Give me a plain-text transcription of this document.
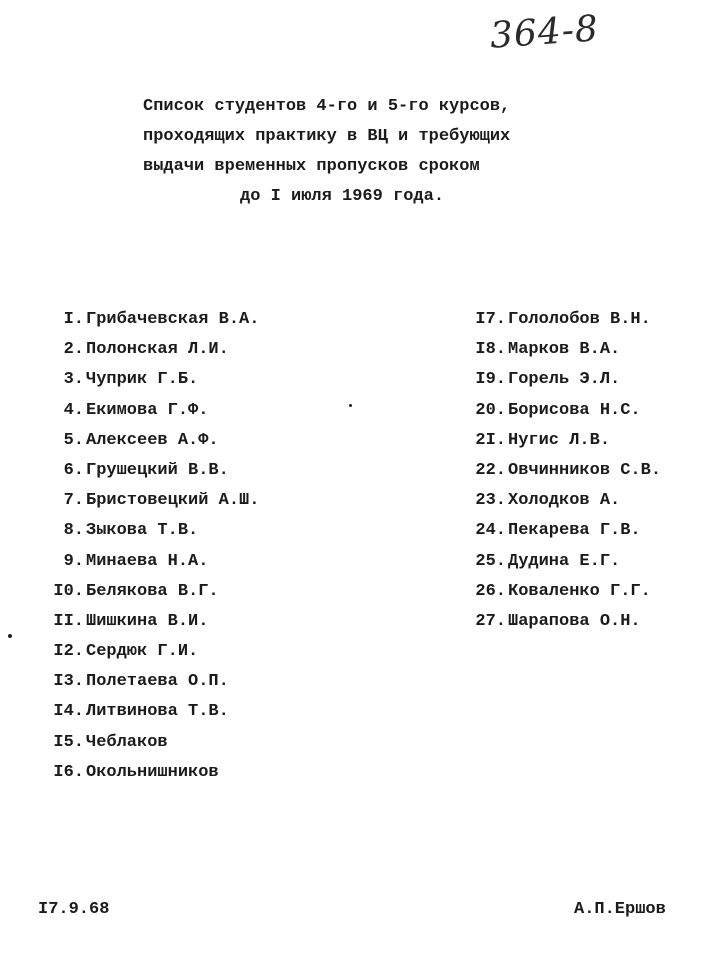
364-8
Список студентов 4-го и 5-го курсов,
проходящих практику в ВЦ и требующих
выдачи временных пропусков сроком
до I июля 1969 года.
I. Грибачевская В.А.
2. Полонская Л.И.
3. Чуприк Г.Б.
4. Екимова Г.Ф.
5. Алексеев А.Ф.
6. Грушецкий В.В.
7. Бристовецкий А.Ш.
8. Зыкова Т.В.
9. Минаева Н.А.
I0. Белякова В.Г.
II. Шишкина В.И.
I2. Сердюк Г.И.
I3. Полетаева О.П.
I4. Литвинова Т.В.
I5. Чеблаков
I6. Окольнишников
I7. Гололобов В.Н.
I8. Марков В.А.
I9. Горель Э.Л.
20. Борисова Н.С.
2I. Нугис Л.В.
22. Овчинников С.В.
23. Холодков А.
24. Пекарева Г.В.
25. Дудина Е.Г.
26. Коваленко Г.Г.
27. Шарапова О.Н.
I7.9.68	А.П.Ершов
